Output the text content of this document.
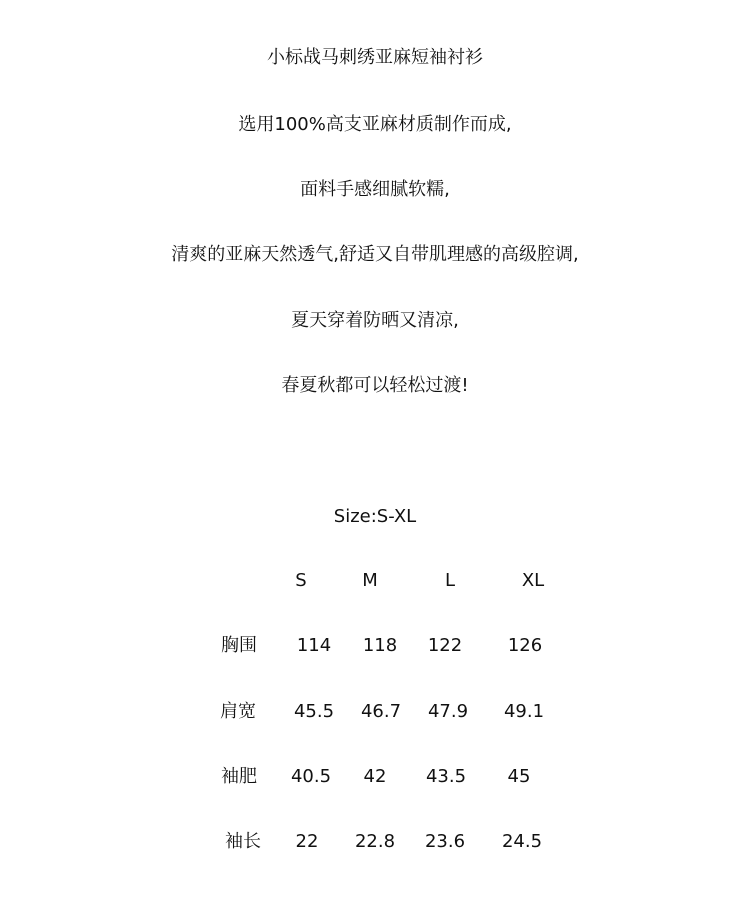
小标战马刺绣亚麻短袖衬衫
选用100%高支亚麻材质制作而成,
面料手感细腻软糯,
清爽的亚麻天然透气,舒适又自带肌理感的高级腔调,
夏天穿着防晒又清凉,
春夏秋都可以轻松过渡!
Size:S-XL
S	M	L	XL
胸围 114 118 122	126
肩宽 45.5 46.7 47.9 49.1
袖肥 40.5 42 43.5 45
袖长 22 22.8 23.6 24.5
